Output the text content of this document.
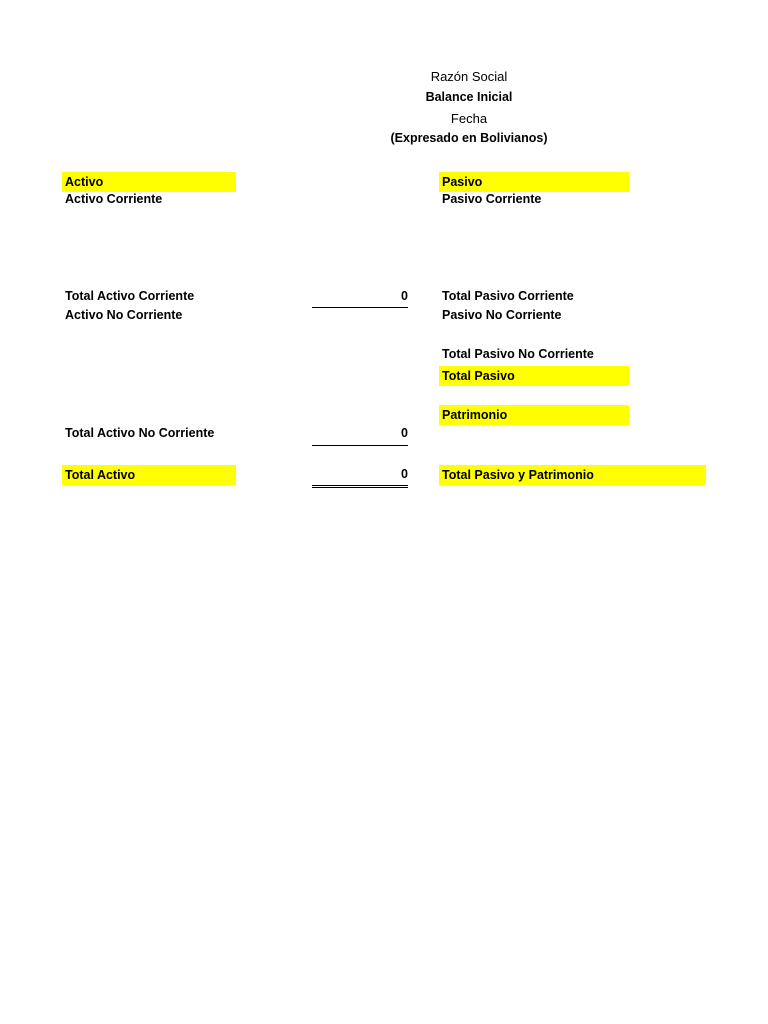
Razón Social
Balance Inicial
Fecha
(Expresado en Bolivianos)
Activo
Activo Corriente
Total Activo Corriente	0
Activo No Corriente
Total Activo No Corriente	0
Total Activo	0
Pasivo
Pasivo Corriente
Total Pasivo Corriente
Pasivo No Corriente
Total Pasivo No Corriente
Total Pasivo
Patrimonio
Total Pasivo y Patrimonio
